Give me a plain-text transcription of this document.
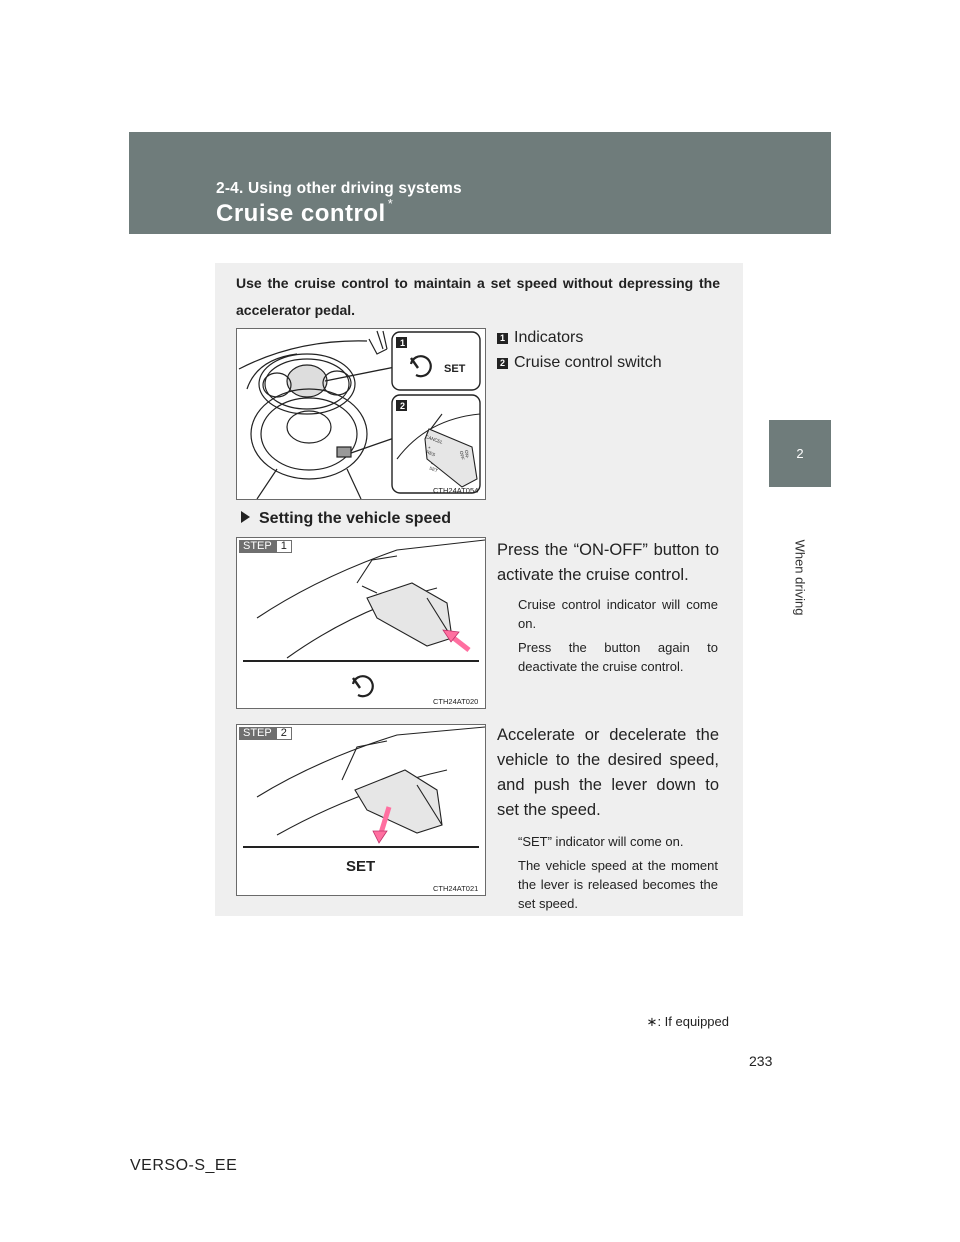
2-4. Using other driving systems
Cruise control *
2
When driving
Use the cruise control to maintain a set speed without depressing the accelerator pedal.
1
2
SET
CTH24AT054
1 Indicators
2 Cruise control switch
Setting the vehicle speed
STEP 1
CTH24AT020
Press the “ON-OFF” button to activate the cruise control.
Cruise control indicator will come on.
Press the button again to deactivate the cruise control.
STEP 2
SET
CTH24AT021
Accelerate or decelerate the vehicle to the desired speed, and push the lever down to set the speed.
“SET” indicator will come on.
The vehicle speed at the moment the lever is released becomes the set speed.
CANCEL
+ RES
– SET
ON-OFF
∗: If equipped
233
VERSO-S_EE
